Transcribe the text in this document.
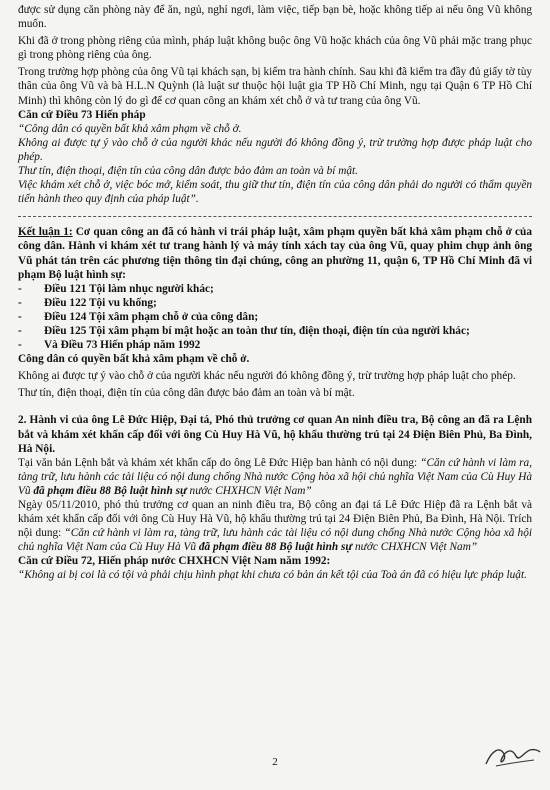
được sử dụng căn phòng này để ăn, ngủ, nghỉ ngơi, làm việc, tiếp bạn bè, hoặc không tiếp ai nếu ông Vũ không muốn.

Khi đã ở trong phòng riêng của mình, pháp luật không buộc ông Vũ hoặc khách của ông Vũ phải mặc trang phục gì trong phòng riêng của ông.

Trong trường hợp phòng của ông Vũ tại khách sạn, bị kiểm tra hành chính. Sau khi đã kiểm tra đầy đủ giấy tờ tùy thân của ông Vũ và bà H.L.N Quỳnh (là luật sư thuộc hội luật gia TP Hồ Chí Minh, ngụ tại Quận 6 TP Hồ Chí Minh) thì không còn lý do gì để cơ quan công an khám xét chỗ ở và tư trang của ông Vũ.

Căn cứ Điều 73 Hiến pháp

“Công dân có quyền bất khả xâm phạm về chỗ ở.

Không ai được tự ý vào chỗ ở của người khác nếu người đó không đồng ý, trừ trường hợp được pháp luật cho phép.

Thư tín, điện thoại, điện tín của công dân được bảo đảm an toàn và bí mật.

Việc khám xét chỗ ở, việc bóc mở, kiểm soát, thu giữ thư tín, điện tín của công dân phải do người có thẩm quyền tiến hành theo quy định của pháp luật”.

Kết luận 1: Cơ quan công an đã có hành vi trái pháp luật, xâm phạm quyền bất khả xâm phạm chỗ ở của công dân. Hành vi khám xét tư trang hành lý và máy tính xách tay của ông Vũ, quay phim chụp ảnh ông Vũ phát tán trên các phương tiện thông tin đại chúng, công an phường 11, quận 6, TP Hồ Chí Minh đã vi phạm Bộ luật hình sự:

- Điều 121 Tội làm nhục người khác;
- Điều 122 Tội vu khống;
- Điều 124 Tội xâm phạm chỗ ở của công dân;
- Điều 125 Tội xâm phạm bí mật hoặc an toàn thư tín, điện thoại, điện tín của người khác;
- Và Điều 73 Hiến pháp năm 1992

Công dân có quyền bất khả xâm phạm về chỗ ở.

Không ai được tự ý vào chỗ ở của người khác nếu người đó không đồng ý, trừ trường hợp pháp luật cho phép.

Thư tín, điện thoại, điện tín của công dân được bảo đảm an toàn và bí mật.

2. Hành vi của ông Lê Đức Hiệp, Đại tá, Phó thủ trưởng cơ quan An ninh điều tra, Bộ công an đã ra Lệnh bắt và khám xét khẩn cấp đối với ông Cù Huy Hà Vũ, hộ khẩu thường trú tại 24 Điện Biên Phủ, Ba Đình, Hà Nội.

Tại văn bản Lệnh bắt và khám xét khẩn cấp do ông Lê Đức Hiệp ban hành có nội dung: “Căn cứ hành vi làm ra, tàng trữ, lưu hành các tài liệu có nội dung chống Nhà nước Cộng hòa xã hội chủ nghĩa Việt Nam của Cù Huy Hà Vũ đã phạm điều 88 Bộ luật hình sự nước CHXHCN Việt Nam”

Ngày 05/11/2010, phó thủ trưởng cơ quan an ninh điều tra, Bộ công an đại tá Lê Đức Hiệp đã ra Lệnh bắt và khám xét khẩn cấp đối với ông Cù Huy Hà Vũ, hộ khẩu thường trú tại 24 Điện Biên Phủ, Ba Đình, Hà Nội. Trích nội dung: “Căn cứ hành vi làm ra, tàng trữ, lưu hành các tài liệu có nội dung chống Nhà nước Cộng hòa xã hội chủ nghĩa Việt Nam của Cù Huy Hà Vũ đã phạm điều 88 Bộ luật hình sự nước CHXHCN Việt Nam”

Căn cứ Điều 72, Hiến pháp nước CHXHCN Việt Nam năm 1992:

“Không ai bị coi là có tội và phải chịu hình phạt khi chưa có bản án kết tội của Toà án đã có hiệu lực pháp luật.

2
